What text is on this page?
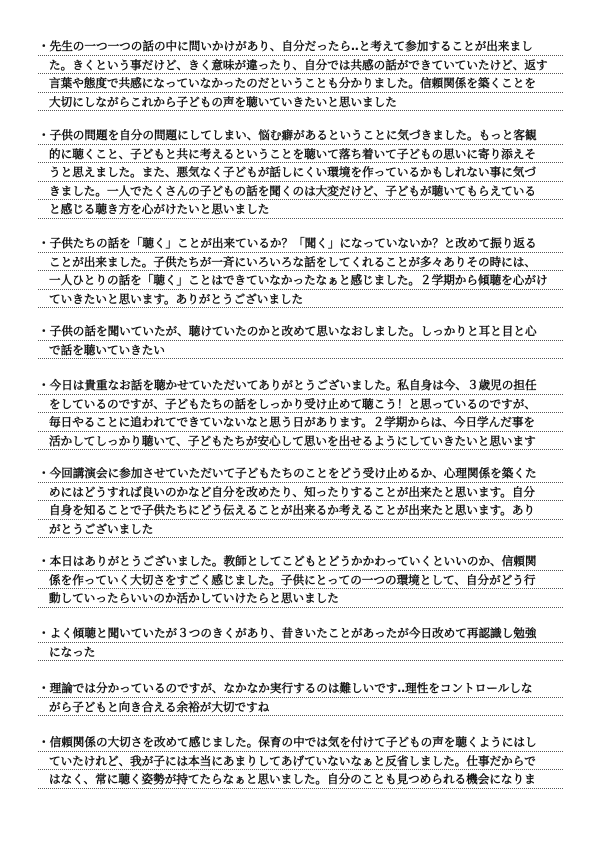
・先生の一つ一つの話の中に問いかけがあり、自分だったら‥と考えて参加することが出来まし
た。きくという事だけど、きく意味が違ったり、自分では共感の話ができていていたけど、返す
言葉や態度で共感になっていなかったのだということも分かりました。信頼関係を築くことを
大切にしながらこれから子どもの声を聴いていきたいと思いました
・子供の問題を自分の問題にしてしまい、悩む癖があるということに気づきました。もっと客観
的に聴くこと、子どもと共に考えるということを聴いて落ち着いて子どもの思いに寄り添えそ
うと思えました。また、悪気なく子どもが話しにくい環境を作っているかもしれない事に気づ
きました。一人でたくさんの子どもの話を聞くのは大変だけど、子どもが聴いてもらえている
と感じる聴き方を心がけたいと思いました
・子供たちの話を「聴く」ことが出来ているか？「聞く」になっていないか？と改めて振り返る
ことが出来ました。子供たちが一斉にいろいろな話をしてくれることが多々ありその時には、
一人ひとりの話を「聴く」ことはできていなかったなぁと感じました。２学期から傾聴を心がけ
ていきたいと思います。ありがとうございました
・子供の話を聞いていたが、聴けていたのかと改めて思いなおしました。しっかりと耳と目と心
で話を聴いていきたい
・今日は貴重なお話を聴かせていただいてありがとうございました。私自身は今、３歳児の担任
をしているのですが、子どもたちの話をしっかり受け止めて聴こう！と思っているのですが、
毎日やることに追われてできていないなと思う日があります。２学期からは、今日学んだ事を
活かしてしっかり聴いて、子どもたちが安心して思いを出せるようにしていきたいと思います
・今回講演会に参加させていただいて子どもたちのことをどう受け止めるか、心理関係を築くた
めにはどうすれば良いのかなど自分を改めたり、知ったりすることが出来たと思います。自分
自身を知ることで子供たちにどう伝えることが出来るか考えることが出来たと思います。あり
がとうございました
・本日はありがとうございました。教師としてこどもとどうかかわっていくといいのか、信頼関
係を作っていく大切さをすごく感じました。子供にとっての一つの環境として、自分がどう行
動していったらいいのか活かしていけたらと思いました
・よく傾聴と聞いていたが３つのきくがあり、昔きいたことがあったが今日改めて再認識し勉強
になった
・理論では分かっているのですが、なかなか実行するのは難しいです‥理性をコントロールしな
がら子どもと向き合える余裕が大切ですね
・信頼関係の大切さを改めて感じました。保育の中では気を付けて子どもの声を聴くようにはし
ていたけれど、我が子には本当にあまりしてあげていないなぁと反省しました。仕事だからで
はなく、常に聴く姿勢が持てたらなぁと思いました。自分のことも見つめられる機会になりま
